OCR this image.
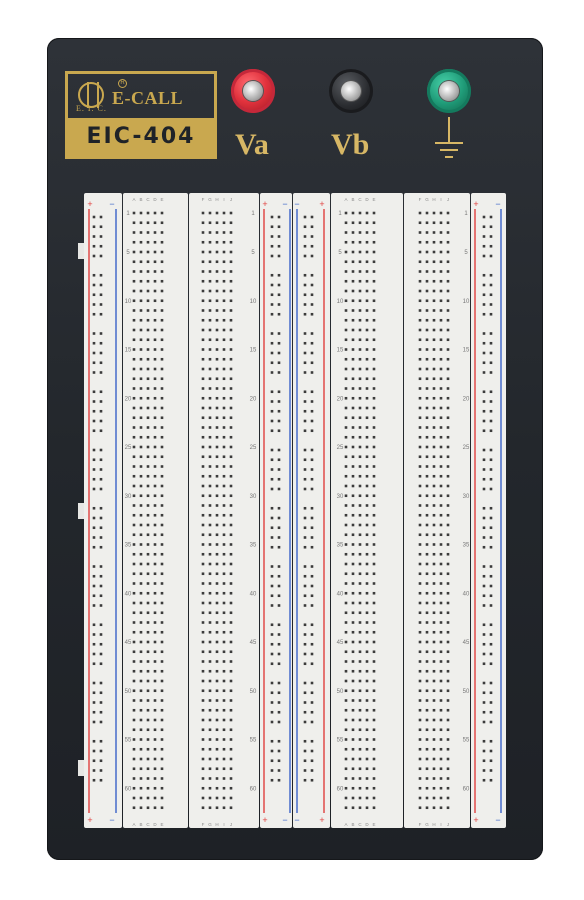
E. I. C.
E-CALL
R
EIC-404	Va Vb
+
+
−
−
+
+
−
−
−
−
+
+
+
+
−
−
A
A
B
B
C
C
D
D
E
E
F
F
G
G
H
H
I
I
J
J
A
A
B
B
C
C
D
D
E
E
F
F
G
G
H
H
I
I
J
J
1	1	1	1
5	5	5	5
10	10	10	10
15	15	15	15
20	20	20	20
25	25	25	25
30	30	30	30
35	35	35	35
40	40	40	40
45	45	45	45
50	50	50	50
55	55	55	55
60	60	60	60
